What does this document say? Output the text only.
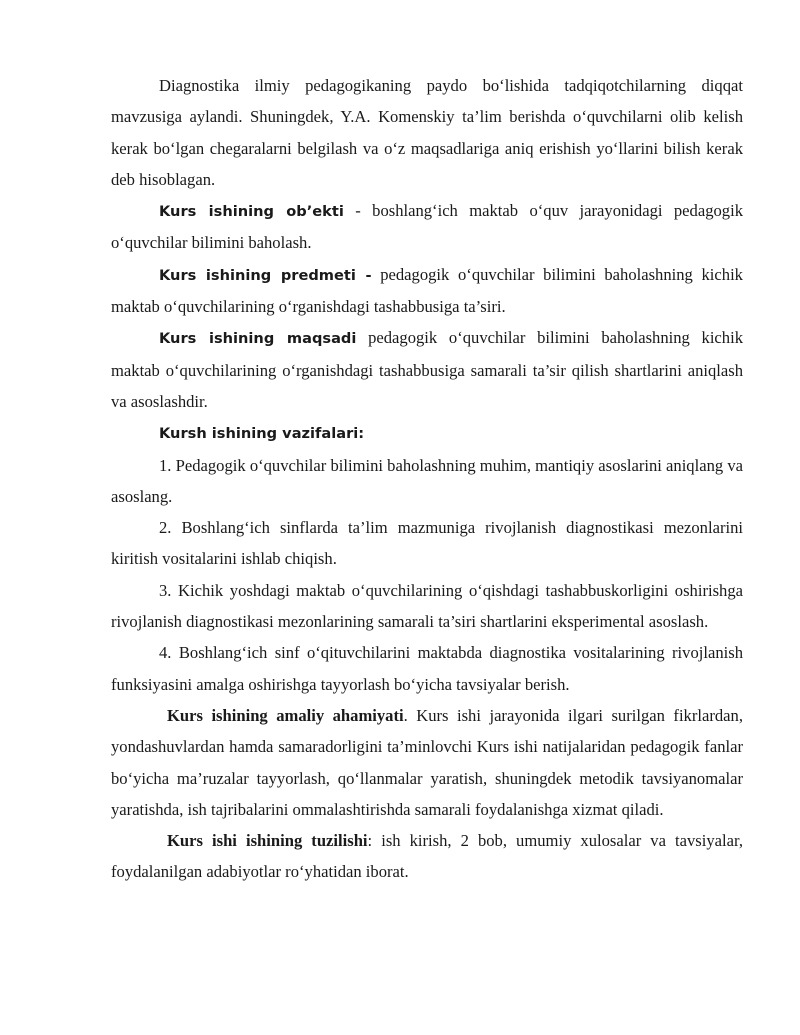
Diagnostika ilmiy pedagogikaning paydo bo‘lishida tadqiqotchilarning diqqat mavzusiga aylandi. Shuningdek, Y.A. Komenskiy ta’lim berishda o‘quvchilarni olib kelish kerak bo‘lgan chegaralarni belgilash va o‘z maqsadlariga aniq erishish yo‘llarini bilish kerak deb hisoblagan.

Kurs ishining ob’ekti - boshlang‘ich maktab o‘quv jarayonidagi pedagogik o‘quvchilar bilimini baholash.

Kurs ishining predmeti - pedagogik o‘quvchilar bilimini baholashning kichik maktab o‘quvchilarining o‘rganishdagi tashabbusiga ta’siri.

Kurs ishining maqsadi pedagogik o‘quvchilar bilimini baholashning kichik maktab o‘quvchilarining o‘rganishdagi tashabbusiga samarali ta’sir qilish shartlarini aniqlash va asoslashdir.

Kursh ishining vazifalari:

1. Pedagogik o‘quvchilar bilimini baholashning muhim, mantiqiy asoslarini aniqlang va asoslang.

2. Boshlang‘ich sinflarda ta’lim mazmuniga rivojlanish diagnostikasi mezonlarini kiritish vositalarini ishlab chiqish.

3. Kichik yoshdagi maktab o‘quvchilarining o‘qishdagi tashabbuskorligini oshirishga rivojlanish diagnostikasi mezonlarining samarali ta’siri shartlarini eksperimental asoslash.

4. Boshlang‘ich sinf o‘qituvchilarini maktabda diagnostika vositalarining rivojlanish funksiyasini amalga oshirishga tayyorlash bo‘yicha tavsiyalar berish.

Kurs ishining amaliy ahamiyati. Kurs ishi jarayonida ilgari surilgan fikrlardan, yondashuvlardan hamda samaradorligini ta’minlovchi Kurs ishi natijalaridan pedagogik fanlar bo‘yicha ma’ruzalar tayyorlash, qo‘llanmalar yaratish, shuningdek metodik tavsiyanomalar yaratishda, ish tajribalarini ommalashtirishda samarali foydalanishga xizmat qiladi.

Kurs ishi ishining tuzilishi: ish kirish, 2 bob, umumiy xulosalar va tavsiyalar, foydalanilgan adabiyotlar ro‘yhatidan iborat.
